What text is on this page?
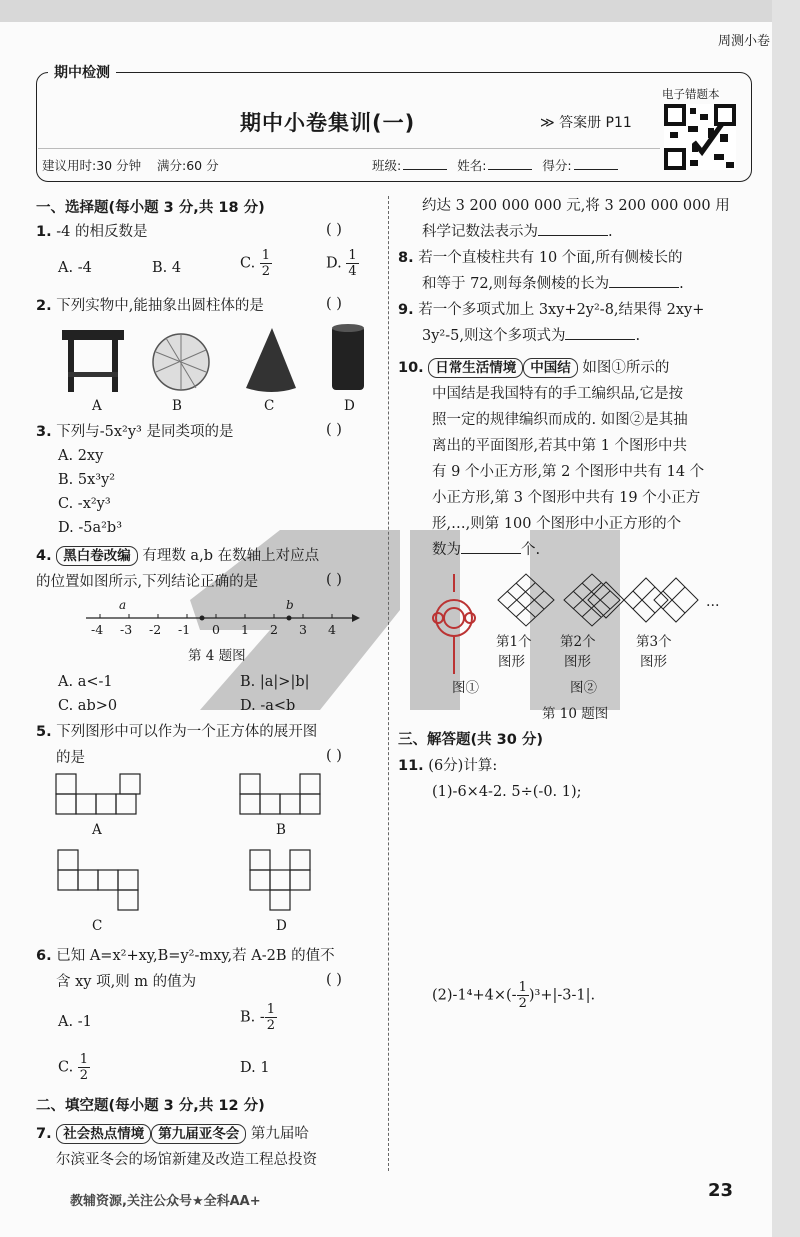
周测小卷
期中检测
期中小卷集训(一)	≫ 答案册 P11
电子错题本
建议用时:30 分钟 满分:60 分	班级:	姓名:	得分:
一、选择题(每小题 3 分,共 18 分)
1. -4 的相反数是	( )
A. -4	B. 4	C. $\frac{1}{2}$	D. $\frac{1}{4}$
2. 下列实物中,能抽象出圆柱体的是	( )
A	B	C	D
3. 下列与-5x²y³ 是同类项的是	( )
A. 2xy
B. 5x³y²
C. -x²y³
D. -5a²b³
4. 黑白卷改编 有理数 a,b 在数轴上对应点
的位置如图所示,下列结论正确的是	( )
a	b
-4 -3 -2 -1 0 1 2 3 4
第 4 题图
A. a<-1	B. |a|>|b|
C. ab>0	D. -a<b
5. 下列图形中可以作为一个正方体的展开图
的是	( )
A	B
C	D
6. 已知 A=x²+xy,B=y²-mxy,若 A-2B 的值不
含 xy 项,则 m 的值为	( )
A. -1	B. - $\frac{1}{2}$
C. $\frac{1}{2}$	D. 1
二、填空题(每小题 3 分,共 12 分)
7. 社会热点情境 第九届亚冬会 第九届哈
尔滨亚冬会的场馆新建及改造工程总投资
约达 3 200 000 000 元,将 3 200 000 000 用
科学记数法表示为	.
8. 若一个直棱柱共有 10 个面,所有侧棱长的
和等于 72,则每条侧棱的长为	.
9. 若一个多项式加上 3xy+2y²-8,结果得 2xy+
3y²-5,则这个多项式为	.
10. 日常生活情境 中国结 如图①所示的
中国结是我国特有的手工编织品,它是按
照一定的规律编织而成的. 如图②是其抽
离出的平面图形,若其中第 1 个图形中共
有 9 个小正方形,第 2 个图形中共有 14 个
小正方形,第 3 个图形中共有 19 个小正方
形,…,则第 100 个图形中小正方形的个
数为	个.
…
第1个
图形
第2个
图形
第3个
图形
图①	图②
第 10 题图
三、解答题(共 30 分)
11. (6分)计算:
(1)-6×4-2. 5÷(-0. 1);
$(2)-1^4+4\times(- \frac{1}{2} )^3+|-3-1|$.
教辅资源,关注公众号★全科AA+
23
